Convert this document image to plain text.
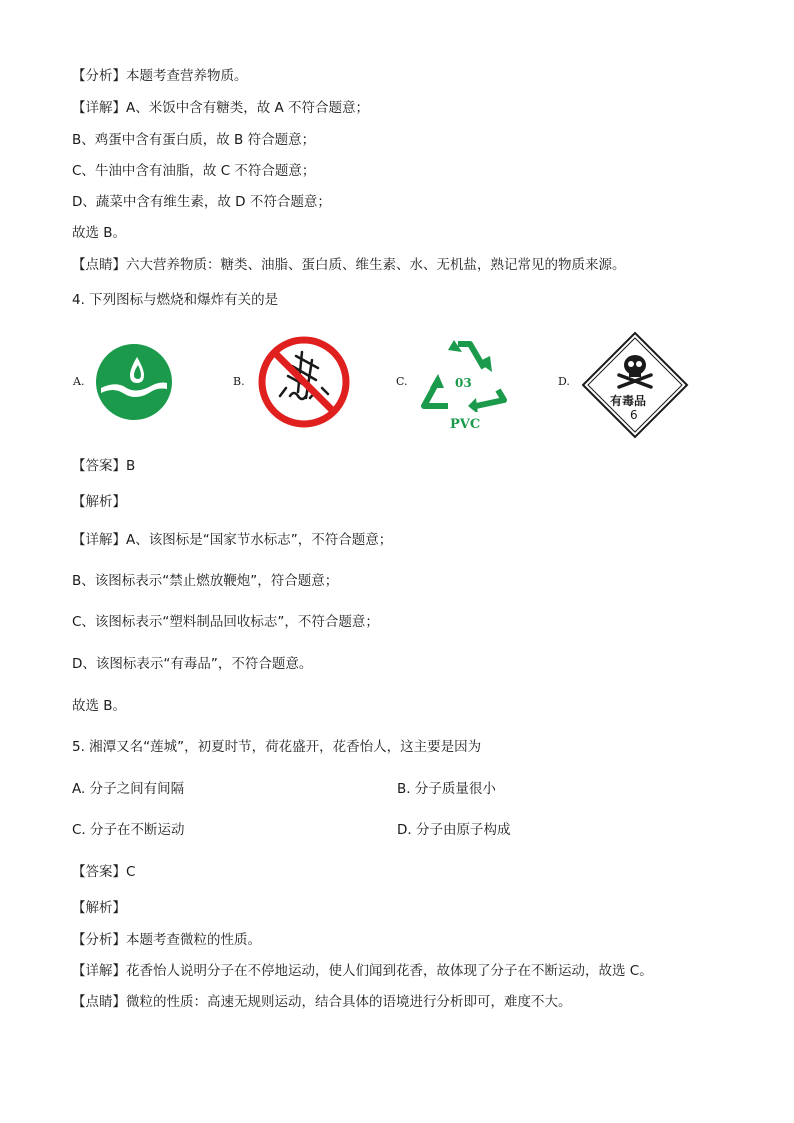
【分析】本题考查营养物质。
【详解】A、米饭中含有糖类，故 A 不符合题意；
B、鸡蛋中含有蛋白质，故 B 符合题意；
C、牛油中含有油脂，故 C 不符合题意；
D、蔬菜中含有维生素，故 D 不符合题意；
故选 B。
【点睛】六大营养物质：糖类、油脂、蛋白质、维生素、水、无机盐，熟记常见的物质来源。
4. 下列图标与燃烧和爆炸有关的是
A.	B.	C.	03
PVC
D.
有毒品
6
【答案】B
【解析】
【详解】A、该图标是“国家节水标志”，不符合题意；
B、该图标表示“禁止燃放鞭炮”，符合题意；
C、该图标表示“塑料制品回收标志”，不符合题意；
D、该图标表示“有毒品”，不符合题意。
故选 B。
5. 湘潭又名“莲城”，初夏时节，荷花盛开，花香怡人，这主要是因为
A. 分子之间有间隔	B. 分子质量很小
C. 分子在不断运动	D. 分子由原子构成
【答案】C
【解析】
【分析】本题考查微粒的性质。
【详解】花香怡人说明分子在不停地运动，使人们闻到花香，故体现了分子在不断运动，故选 C。
【点睛】微粒的性质：高速无规则运动，结合具体的语境进行分析即可，难度不大。
